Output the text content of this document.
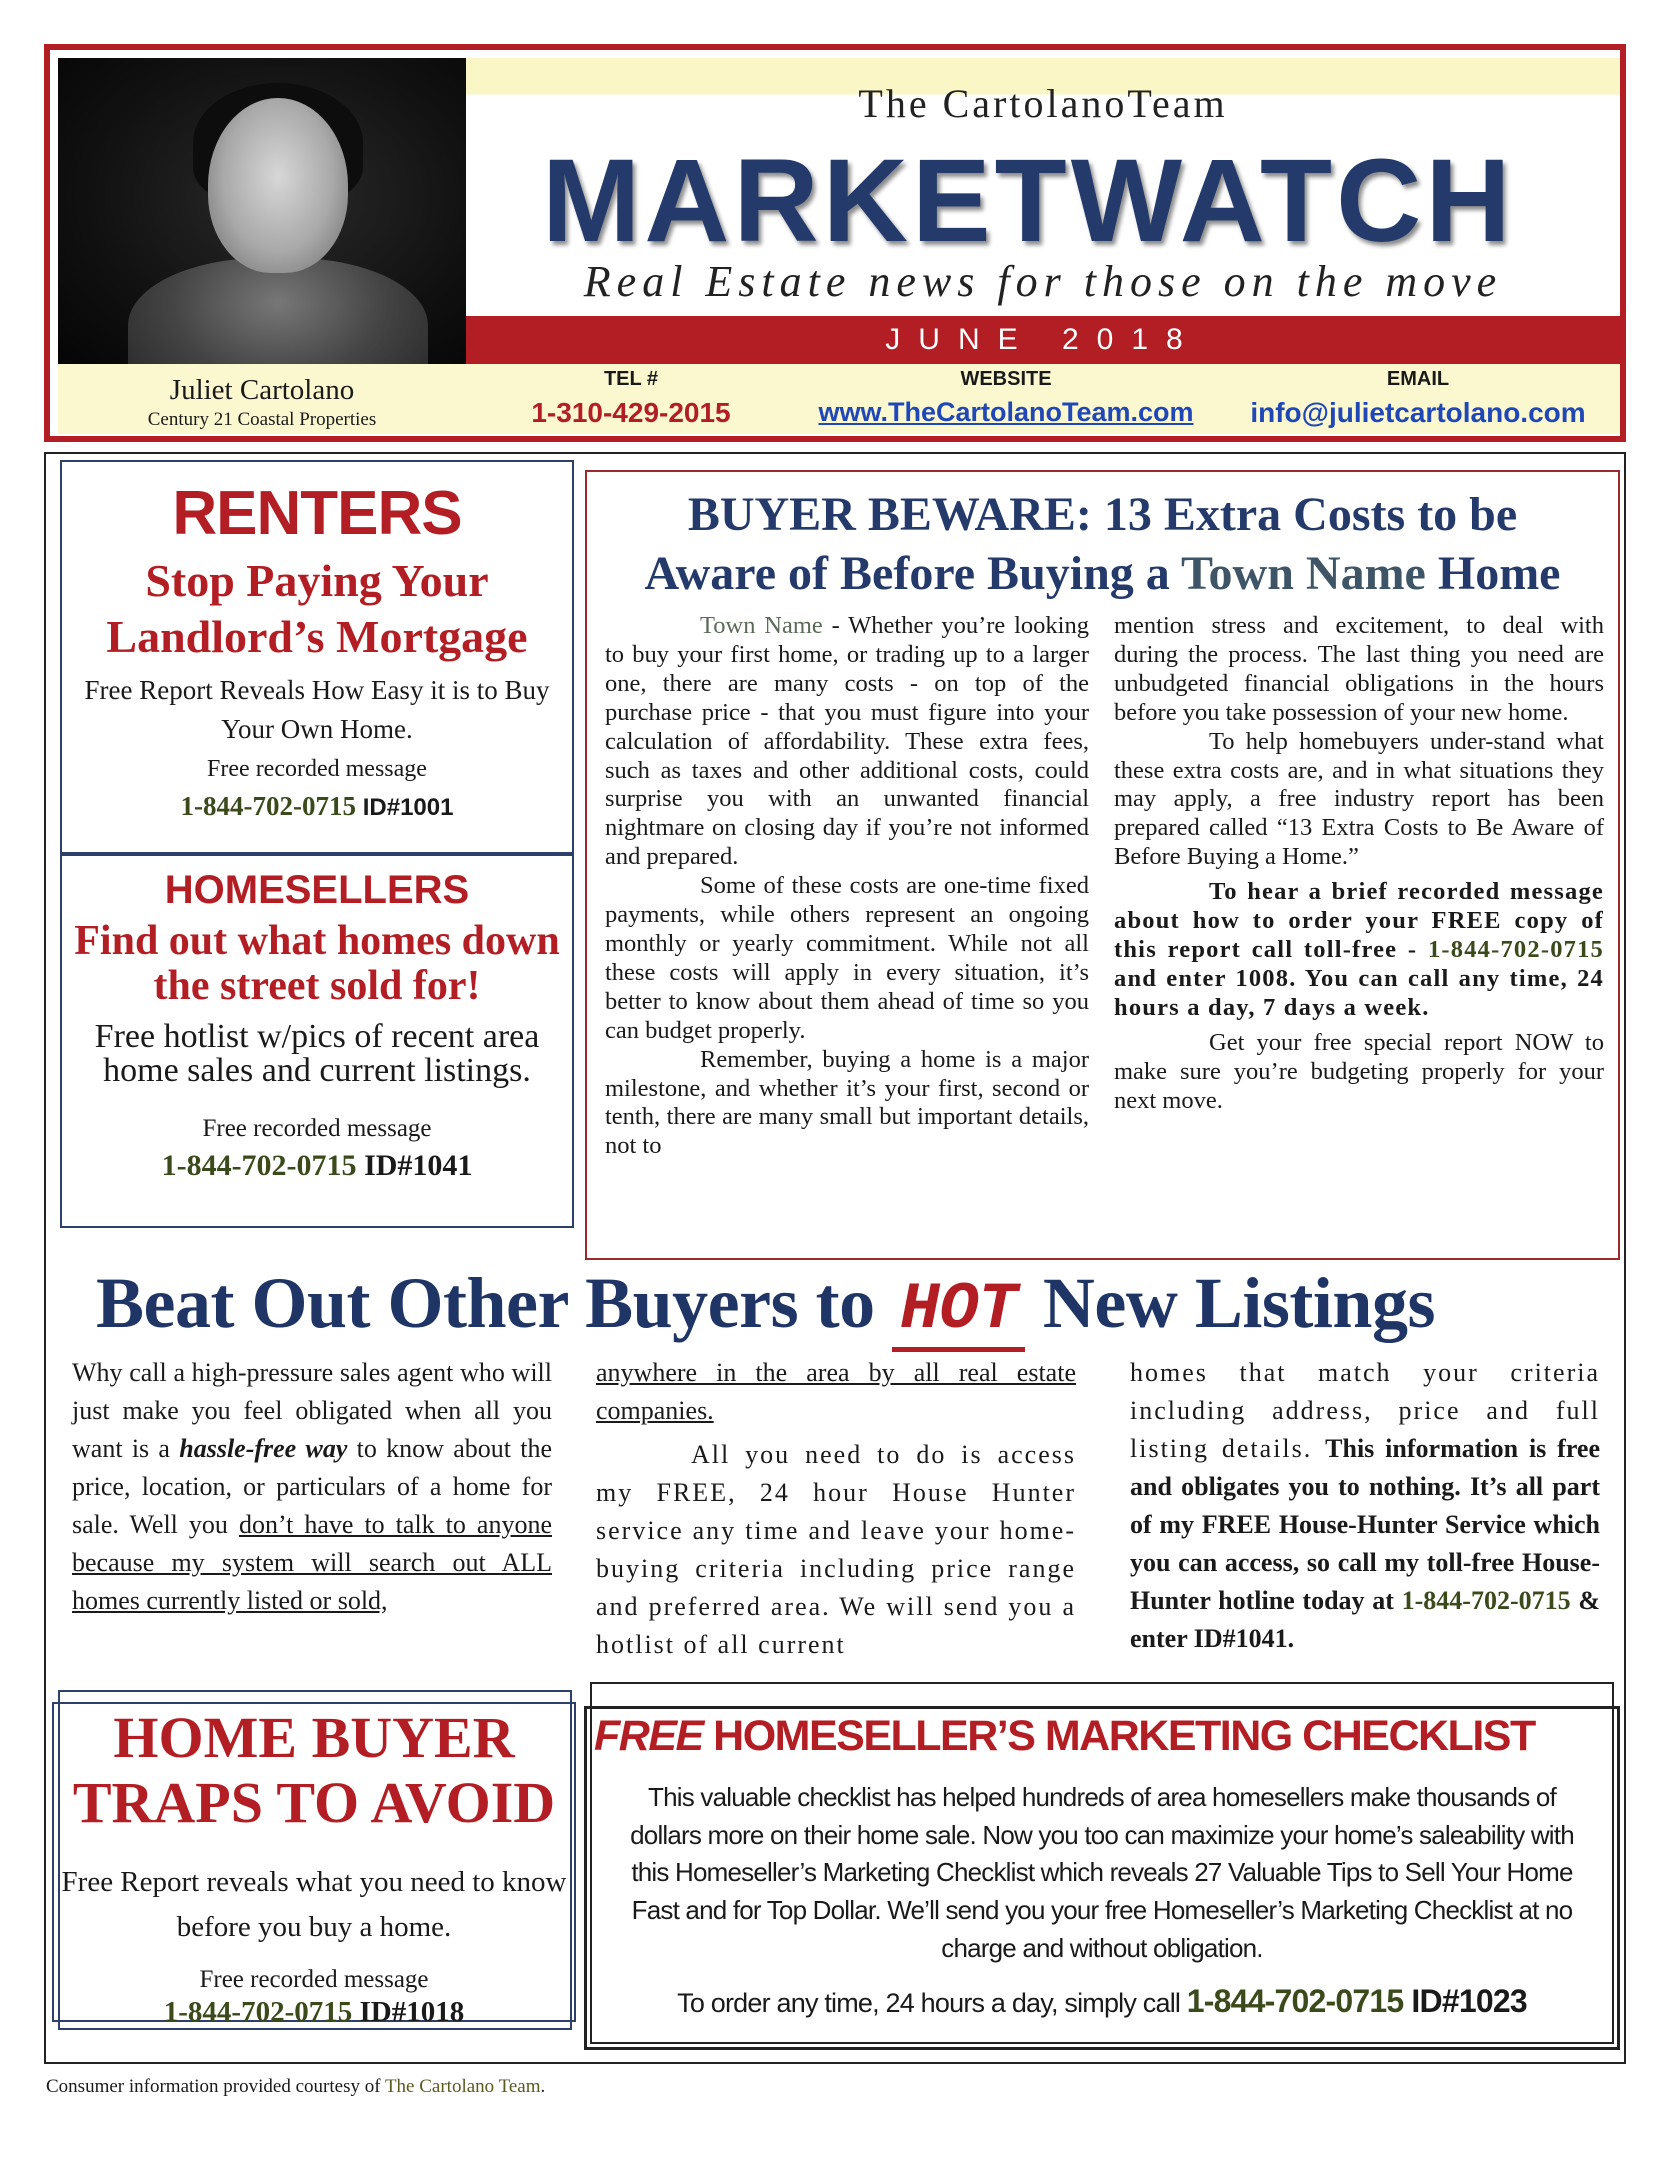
Juliet Cartolano
Century 21 Coastal Properties
The CartolanoTeam
MARKETWATCH
Real Estate news for those on the move
JUNE 2018
TEL #
1-310-429-2015
WEBSITE
www.TheCartolanoTeam.com
EMAIL
info@julietcartolano.com
RENTERS
Stop Paying Your Landlord’s Mortgage
Free Report Reveals How Easy it is to Buy Your Own Home.
Free recorded message
1-844-702-0715 ID#1001
HOMESELLERS
Find out what homes down the street sold for!
Free hotlist w/pics of recent area home sales and current listings.
Free recorded message
1-844-702-0715 ID#1041
BUYER BEWARE: 13 Extra Costs to be
Aware of Before Buying a Town Name Home

Town Name - Whether you’re looking to buy your first home, or trading up to a larger one, there are many costs - on top of the purchase price - that you must figure into your calculation of affordability. These extra fees, such as taxes and other additional costs, could surprise you with an unwanted financial nightmare on closing day if you’re not informed and prepared.

Some of these costs are one-time fixed payments, while others represent an ongoing monthly or yearly commitment. While not all these costs will apply in every situation, it’s better to know about them ahead of time so you can budget properly.

Remember, buying a home is a major milestone, and whether it’s your first, second or tenth, there are many small but important details, not to

mention stress and excitement, to deal with during the process. The last thing you need are unbudgeted financial obligations in the hours before you take possession of your new home.

To help homebuyers under-stand what these extra costs are, and in what situations they may apply, a free industry report has been prepared called “13 Extra Costs to Be Aware of Before Buying a Home.”

To hear a brief recorded message about how to order your FREE copy of this report call toll-free - 1-844-702-0715 and enter 1008. You can call any time, 24 hours a day, 7 days a week.

Get your free special report NOW to make sure you’re budgeting properly for your next move.

Beat Out Other Buyers to HOT New Listings
Why call a high-pressure sales agent who will just make you feel obligated when all you want is a hassle-free way to know about the price, location, or particulars of a home for sale. Well you don’t have to talk to anyone because my system will search out ALL homes currently listed or sold,
anywhere in the area by all real estate companies.

All you need to do is access my FREE, 24 hour House Hunter service any time and leave your home-buying criteria including price range and preferred area. We will send you a hotlist of all current

homes that match your criteria including address, price and full listing details. This information is free and obligates you to nothing. It’s all part of my FREE House-Hunter Service which you can access, so call my toll-free House-Hunter hotline today at 1-844-702-0715 & enter ID#1041.
HOME BUYER TRAPS TO AVOID
Free Report reveals what you need to know before you buy a home.
Free recorded message
1-844-702-0715 ID#1018
FREE HOMESELLER’S MARKETING CHECKLIST
This valuable checklist has helped hundreds of area homesellers make thousands of dollars more on their home sale. Now you too can maximize your home’s saleability with this Homeseller’s Marketing Checklist which reveals 27 Valuable Tips to Sell Your Home Fast and for Top Dollar. We’ll send you your free Homeseller’s Marketing Checklist at no charge and without obligation.
To order any time, 24 hours a day, simply call 1-844-702-0715 ID#1023
Consumer information provided courtesy of The Cartolano Team.
